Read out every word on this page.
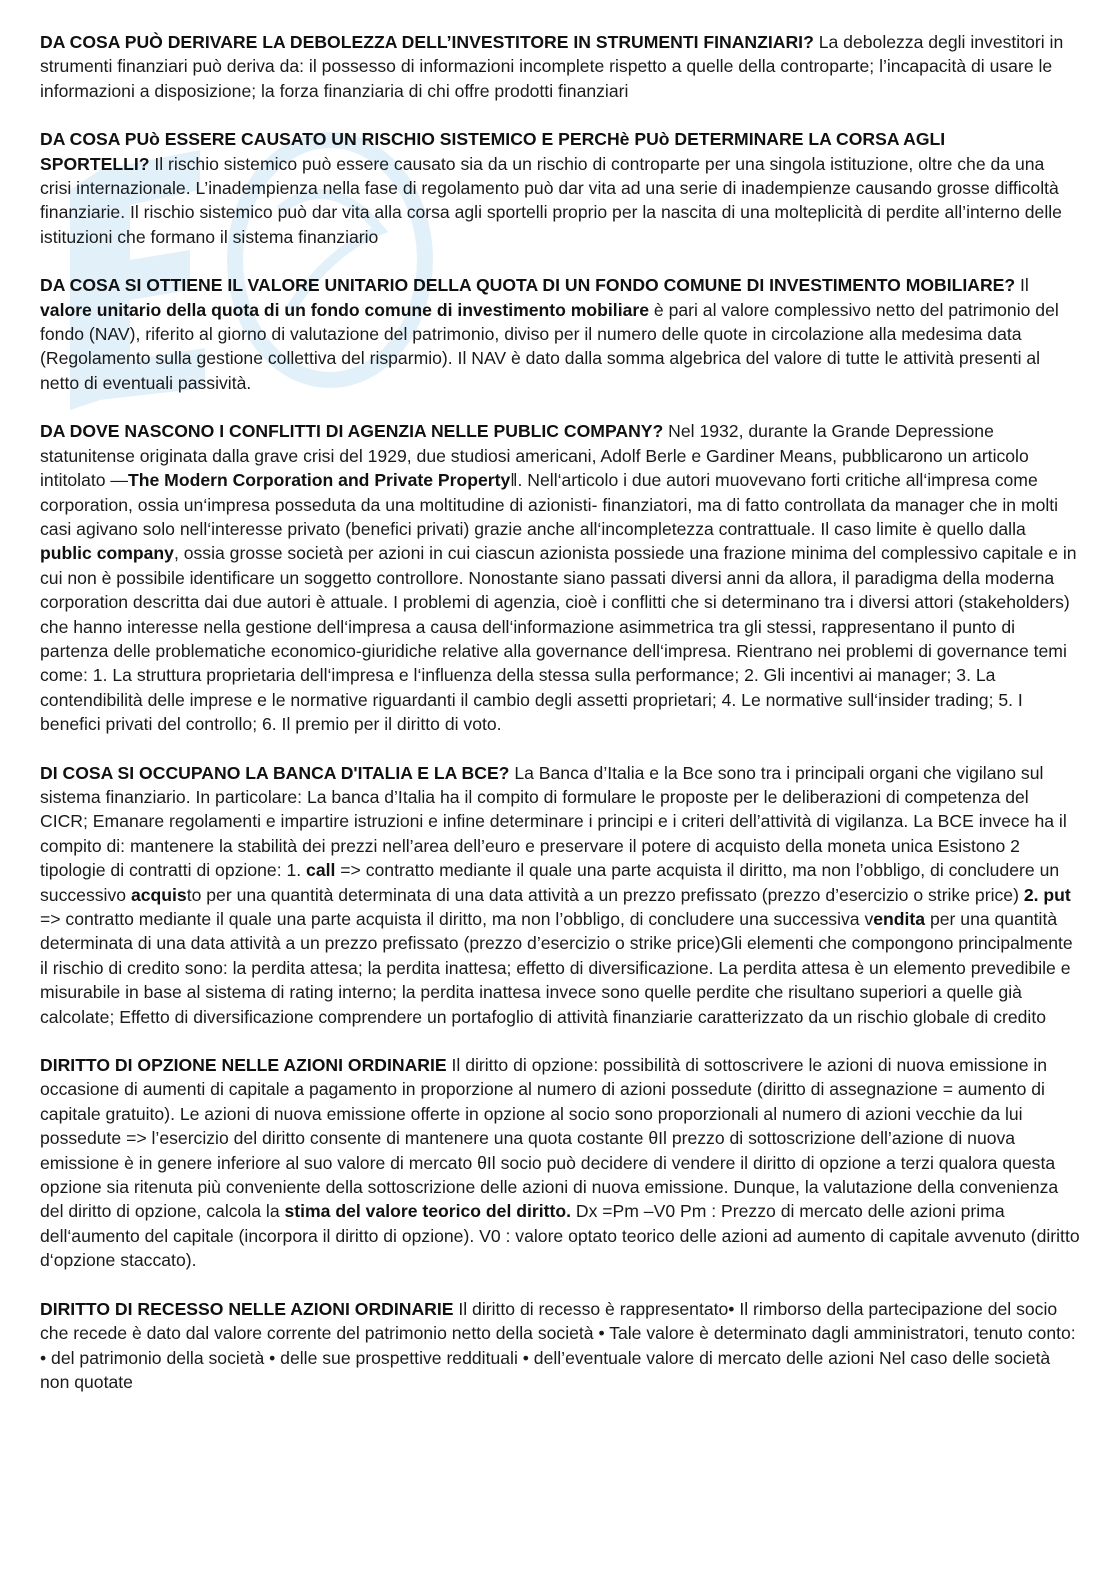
DA COSA PUÒ DERIVARE LA DEBOLEZZA DELL’INVESTITORE IN STRUMENTI FINANZIARI? La debolezza degli investitori in strumenti finanziari può deriva da: il possesso di informazioni incomplete rispetto a quelle della controparte; l’incapacità di usare le informazioni a disposizione; la forza finanziaria di chi offre prodotti finanziari

DA COSA PUò ESSERE CAUSATO UN RISCHIO SISTEMICO E PERCHè PUò DETERMINARE LA CORSA AGLI
SPORTELLI? Il rischio sistemico può essere causato sia da un rischio di controparte per una singola istituzione, oltre che da una crisi internazionale. L’inadempienza nella fase di regolamento può dar vita ad una serie di inadempienze causando grosse difficoltà finanziarie. Il rischio sistemico può dar vita alla corsa agli sportelli proprio per la nascita di una molteplicità di perdite all’interno delle istituzioni che formano il sistema finanziario

DA COSA SI OTTIENE IL VALORE UNITARIO DELLA QUOTA DI UN FONDO COMUNE DI INVESTIMENTO MOBILIARE? Il valore unitario della quota di un fondo comune di investimento mobiliare è pari al valore complessivo netto del patrimonio del fondo (NAV), riferito al giorno di valutazione del patrimonio, diviso per il numero delle quote in circolazione alla medesima data (Regolamento sulla gestione collettiva del risparmio). Il NAV è dato dalla somma algebrica del valore di tutte le attività presenti al netto di eventuali passività.

DA DOVE NASCONO I CONFLITTI DI AGENZIA NELLE PUBLIC COMPANY? Nel 1932, durante la Grande Depressione statunitense originata dalla grave crisi del 1929, due studiosi americani, Adolf Berle e Gardiner Means, pubblicarono un articolo intitolato ―The Modern Corporation and Private Property‖. Nell‘articolo i due autori muovevano forti critiche all‘impresa come corporation, ossia un‘impresa posseduta da una moltitudine di azionisti- finanziatori, ma di fatto controllata da manager che in molti casi agivano solo nell‘interesse privato (benefici privati) grazie anche all‘incompletezza contrattuale. Il caso limite è quello dalla public company, ossia grosse società per azioni in cui ciascun azionista possiede una frazione minima del complessivo capitale e in cui non è possibile identificare un soggetto controllore. Nonostante siano passati diversi anni da allora, il paradigma della moderna corporation descritta dai due autori è attuale. I problemi di agenzia, cioè i conflitti che si determinano tra i diversi attori (stakeholders) che hanno interesse nella gestione dell‘impresa a causa dell‘informazione asimmetrica tra gli stessi, rappresentano il punto di partenza delle problematiche economico-giuridiche relative alla governance dell‘impresa. Rientrano nei problemi di governance temi come: 1. La struttura proprietaria dell‘impresa e l‘influenza della stessa sulla performance; 2. Gli incentivi ai manager; 3. La contendibilità delle imprese e le normative riguardanti il cambio degli assetti proprietari; 4. Le normative sull‘insider trading; 5. I benefici privati del controllo; 6. Il premio per il diritto di voto.

DI COSA SI OCCUPANO LA BANCA D'ITALIA E LA BCE? La Banca d’Italia e la Bce sono tra i principali organi che vigilano sul sistema finanziario. In particolare: La banca d’Italia ha il compito di formulare le proposte per le deliberazioni di competenza del CICR; Emanare regolamenti e impartire istruzioni e infine determinare i principi e i criteri dell’attività di vigilanza. La BCE invece ha il compito di: mantenere la stabilità dei prezzi nell’area dell’euro e preservare il potere di acquisto della moneta unica Esistono 2 tipologie di contratti di opzione: 1. call => contratto mediante il quale una parte acquista il diritto, ma non l’obbligo, di concludere un successivo acquisto per una quantità determinata di una data attività a un prezzo prefissato (prezzo d’esercizio o strike price) 2. put => contratto mediante il quale una parte acquista il diritto, ma non l’obbligo, di concludere una successiva vendita per una quantità determinata di una data attività a un prezzo prefissato (prezzo d’esercizio o strike price)Gli elementi che compongono principalmente il rischio di credito sono: la perdita attesa; la perdita inattesa; effetto di diversificazione. La perdita attesa è un elemento prevedibile e misurabile in base al sistema di rating interno; la perdita inattesa invece sono quelle perdite che risultano superiori a quelle già calcolate; Effetto di diversificazione comprendere un portafoglio di attività finanziarie caratterizzato da un rischio globale di credito

DIRITTO DI OPZIONE NELLE AZIONI ORDINARIE Il diritto di opzione: possibilità di sottoscrivere le azioni di nuova emissione in occasione di aumenti di capitale a pagamento in proporzione al numero di azioni possedute (diritto di assegnazione = aumento di capitale gratuito). Le azioni di nuova emissione offerte in opzione al socio sono proporzionali al numero di azioni vecchie da lui possedute => l’esercizio del diritto consente di mantenere una quota costante θIl prezzo di sottoscrizione dell’azione di nuova emissione è in genere inferiore al suo valore di mercato θIl socio può decidere di vendere il diritto di opzione a terzi qualora questa opzione sia ritenuta più conveniente della sottoscrizione delle azioni di nuova emissione. Dunque, la valutazione della convenienza del diritto di opzione, calcola la stima del valore teorico del diritto. Dx =Pm –V0 Pm : Prezzo di mercato delle azioni prima dell‘aumento del capitale (incorpora il diritto di opzione). V0 : valore optato teorico delle azioni ad aumento di capitale avvenuto (diritto d‘opzione staccato).

DIRITTO DI RECESSO NELLE AZIONI ORDINARIE Il diritto di recesso è rappresentato• Il rimborso della partecipazione del socio che recede è dato dal valore corrente del patrimonio netto della società • Tale valore è determinato dagli amministratori, tenuto conto: • del patrimonio della società • delle sue prospettive reddituali • dell’eventuale valore di mercato delle azioni Nel caso delle società non quotate
